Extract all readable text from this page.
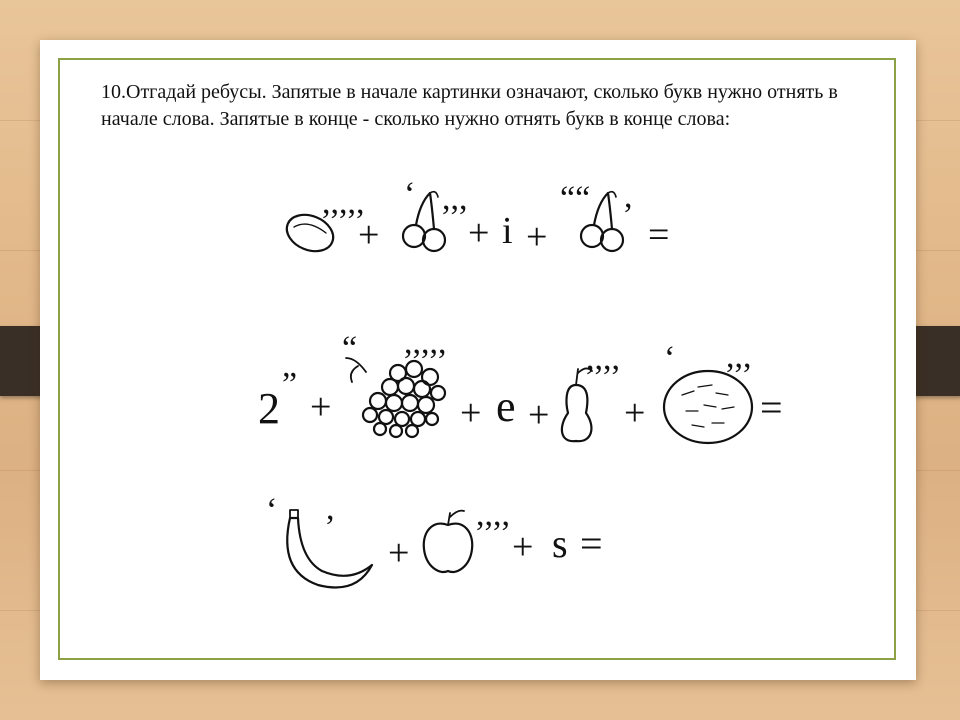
10.Отгадай ребусы. Запятые в начале картинки означают, сколько букв нужно отнять в начале слова. Запятые в конце - сколько нужно отнять букв в конце слова:
,,,,,
+
‘ ,,,
+ i +
““ ,
=
2 ”
+
“ ,,,,,
+ e +
,,,,
+
‘ ,,,
=
‘ ,
+
,,,,
+ s =
